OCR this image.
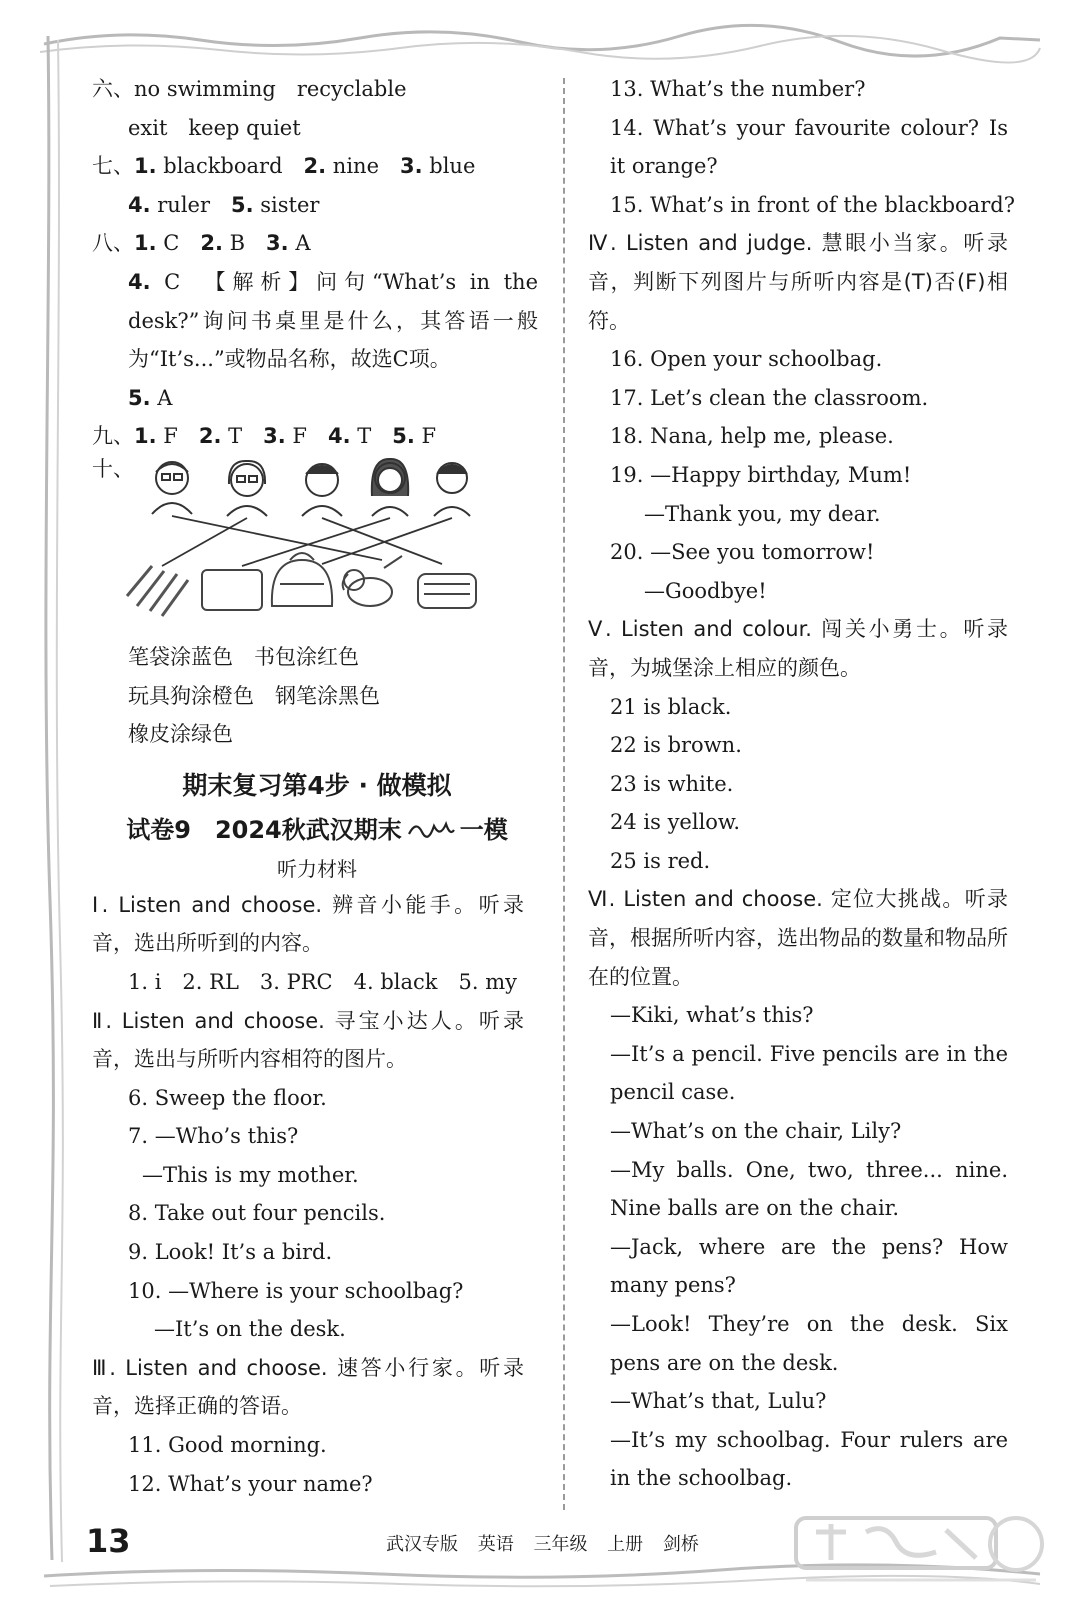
六、no swimming　recyclable
exit　keep quiet
七、1. blackboard　2. nine　3. blue
4. ruler　5. sister
八、1. C　2. B　3. A
4. C　【解析】问句“What’s in the desk?”询问书桌里是什么，其答语一般为“It’s...”或物品名称，故选C项。
5. A
九、1. F　2. T　3. F　4. T　5. F
十、
笔袋涂蓝色　书包涂红色
玩具狗涂橙色　钢笔涂黑色
橡皮涂绿色
期末复习第4步 · 做模拟
试卷9　2024秋武汉期末 一模
听力材料
Ⅰ. Listen and choose. 辨音小能手。听录音，选出所听到的内容。
1. i　2. RL　3. PRC　4. black　5. my
Ⅱ. Listen and choose. 寻宝小达人。听录音，选出与所听内容相符的图片。
6. Sweep the floor.
7. —Who’s this?
—This is my mother.
8. Take out four pencils.
9. Look! It’s a bird.
10. —Where is your schoolbag?
—It’s on the desk.
Ⅲ. Listen and choose. 速答小行家。听录音，选择正确的答语。
11. Good morning.
12. What’s your name?
13. What’s the number?
14. What’s your favourite colour? Is it orange?
15. What’s in front of the blackboard?
Ⅳ. Listen and judge. 慧眼小当家。听录音，判断下列图片与所听内容是(T)否(F)相符。
16. Open your schoolbag.
17. Let’s clean the classroom.
18. Nana, help me, please.
19. —Happy birthday, Mum!
—Thank you, my dear.
20. —See you tomorrow!
—Goodbye!
Ⅴ. Listen and colour. 闯关小勇士。听录音，为城堡涂上相应的颜色。
21 is black.
22 is brown.
23 is white.
24 is yellow.
25 is red.
Ⅵ. Listen and choose. 定位大挑战。听录音，根据所听内容，选出物品的数量和物品所在的位置。
—Kiki, what’s this?
—It’s a pencil. Five pencils are in the pencil case.
—What’s on the chair, Lily?
—My balls. One, two, three... nine. Nine balls are on the chair.
—Jack, where are the pens? How many pens?
—Look! They’re on the desk. Six pens are on the desk.
—What’s that, Lulu?
—It’s my schoolbag. Four rulers are in the schoolbag.
13	武汉专版 英语 三年级 上册 剑桥
